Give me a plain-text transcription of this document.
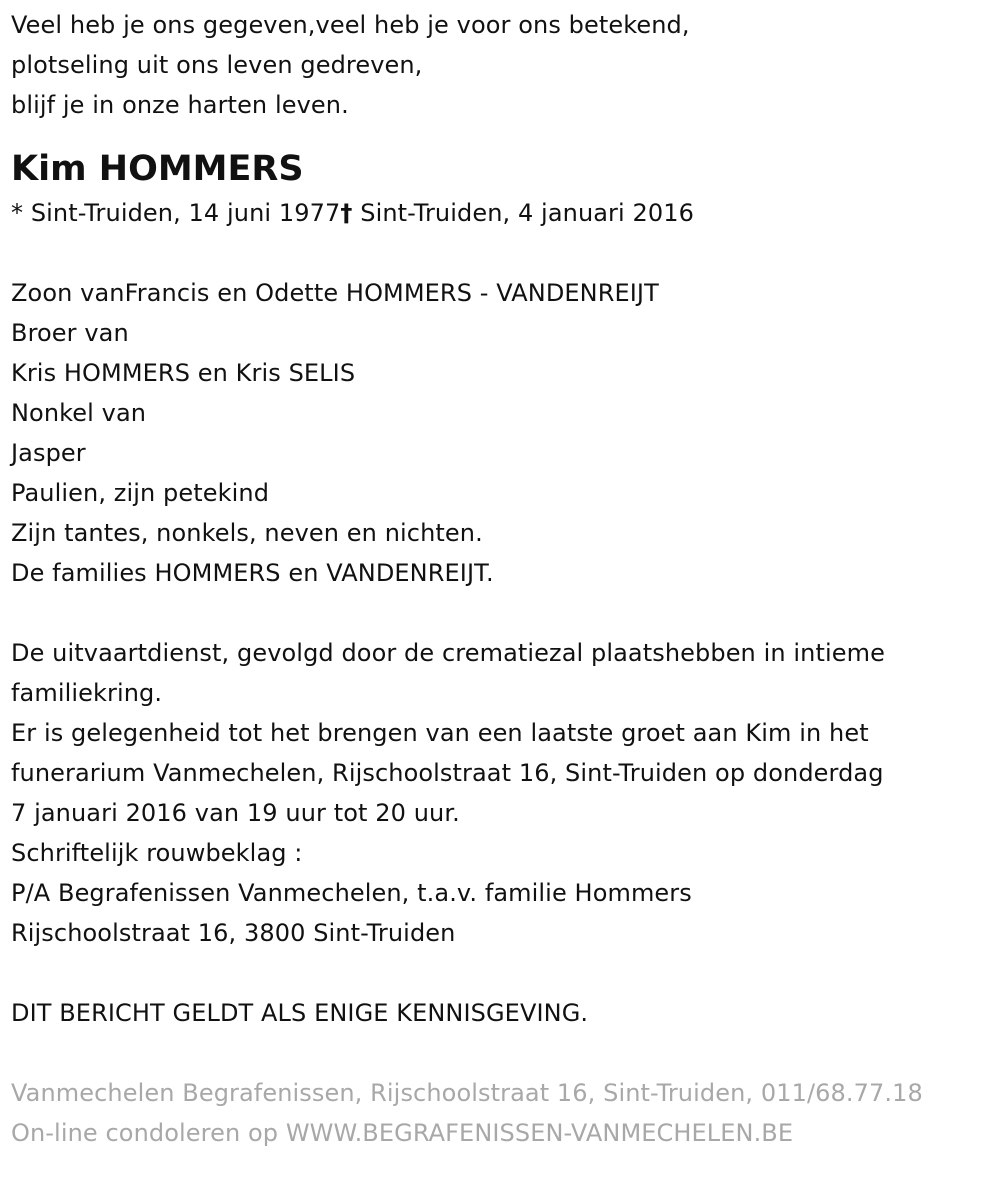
Veel heb je ons gegeven,veel heb je voor ons betekend,
plotseling uit ons leven gedreven,
blijf je in onze harten leven.
Kim HOMMERS
* Sint-Truiden, 14 juni 1977† Sint-Truiden, 4 januari 2016
Zoon vanFrancis en Odette HOMMERS - VANDENREIJT
Broer van
Kris HOMMERS en Kris SELIS
Nonkel van
Jasper
Paulien, zijn petekind
Zijn tantes, nonkels, neven en nichten.
De families HOMMERS en VANDENREIJT.
De uitvaartdienst, gevolgd door de crematiezal plaatshebben in intieme
familiekring.
Er is gelegenheid tot het brengen van een laatste groet aan Kim in het
funerarium Vanmechelen, Rijschoolstraat 16, Sint-Truiden op donderdag
7 januari 2016 van 19 uur tot 20 uur.
Schriftelijk rouwbeklag :
P/A Begrafenissen Vanmechelen, t.a.v. familie Hommers
Rijschoolstraat 16, 3800 Sint-Truiden
DIT BERICHT GELDT ALS ENIGE KENNISGEVING.
Vanmechelen Begrafenissen, Rijschoolstraat 16, Sint-Truiden, 011/68.77.18
On-line condoleren op WWW.BEGRAFENISSEN-VANMECHELEN.BE
